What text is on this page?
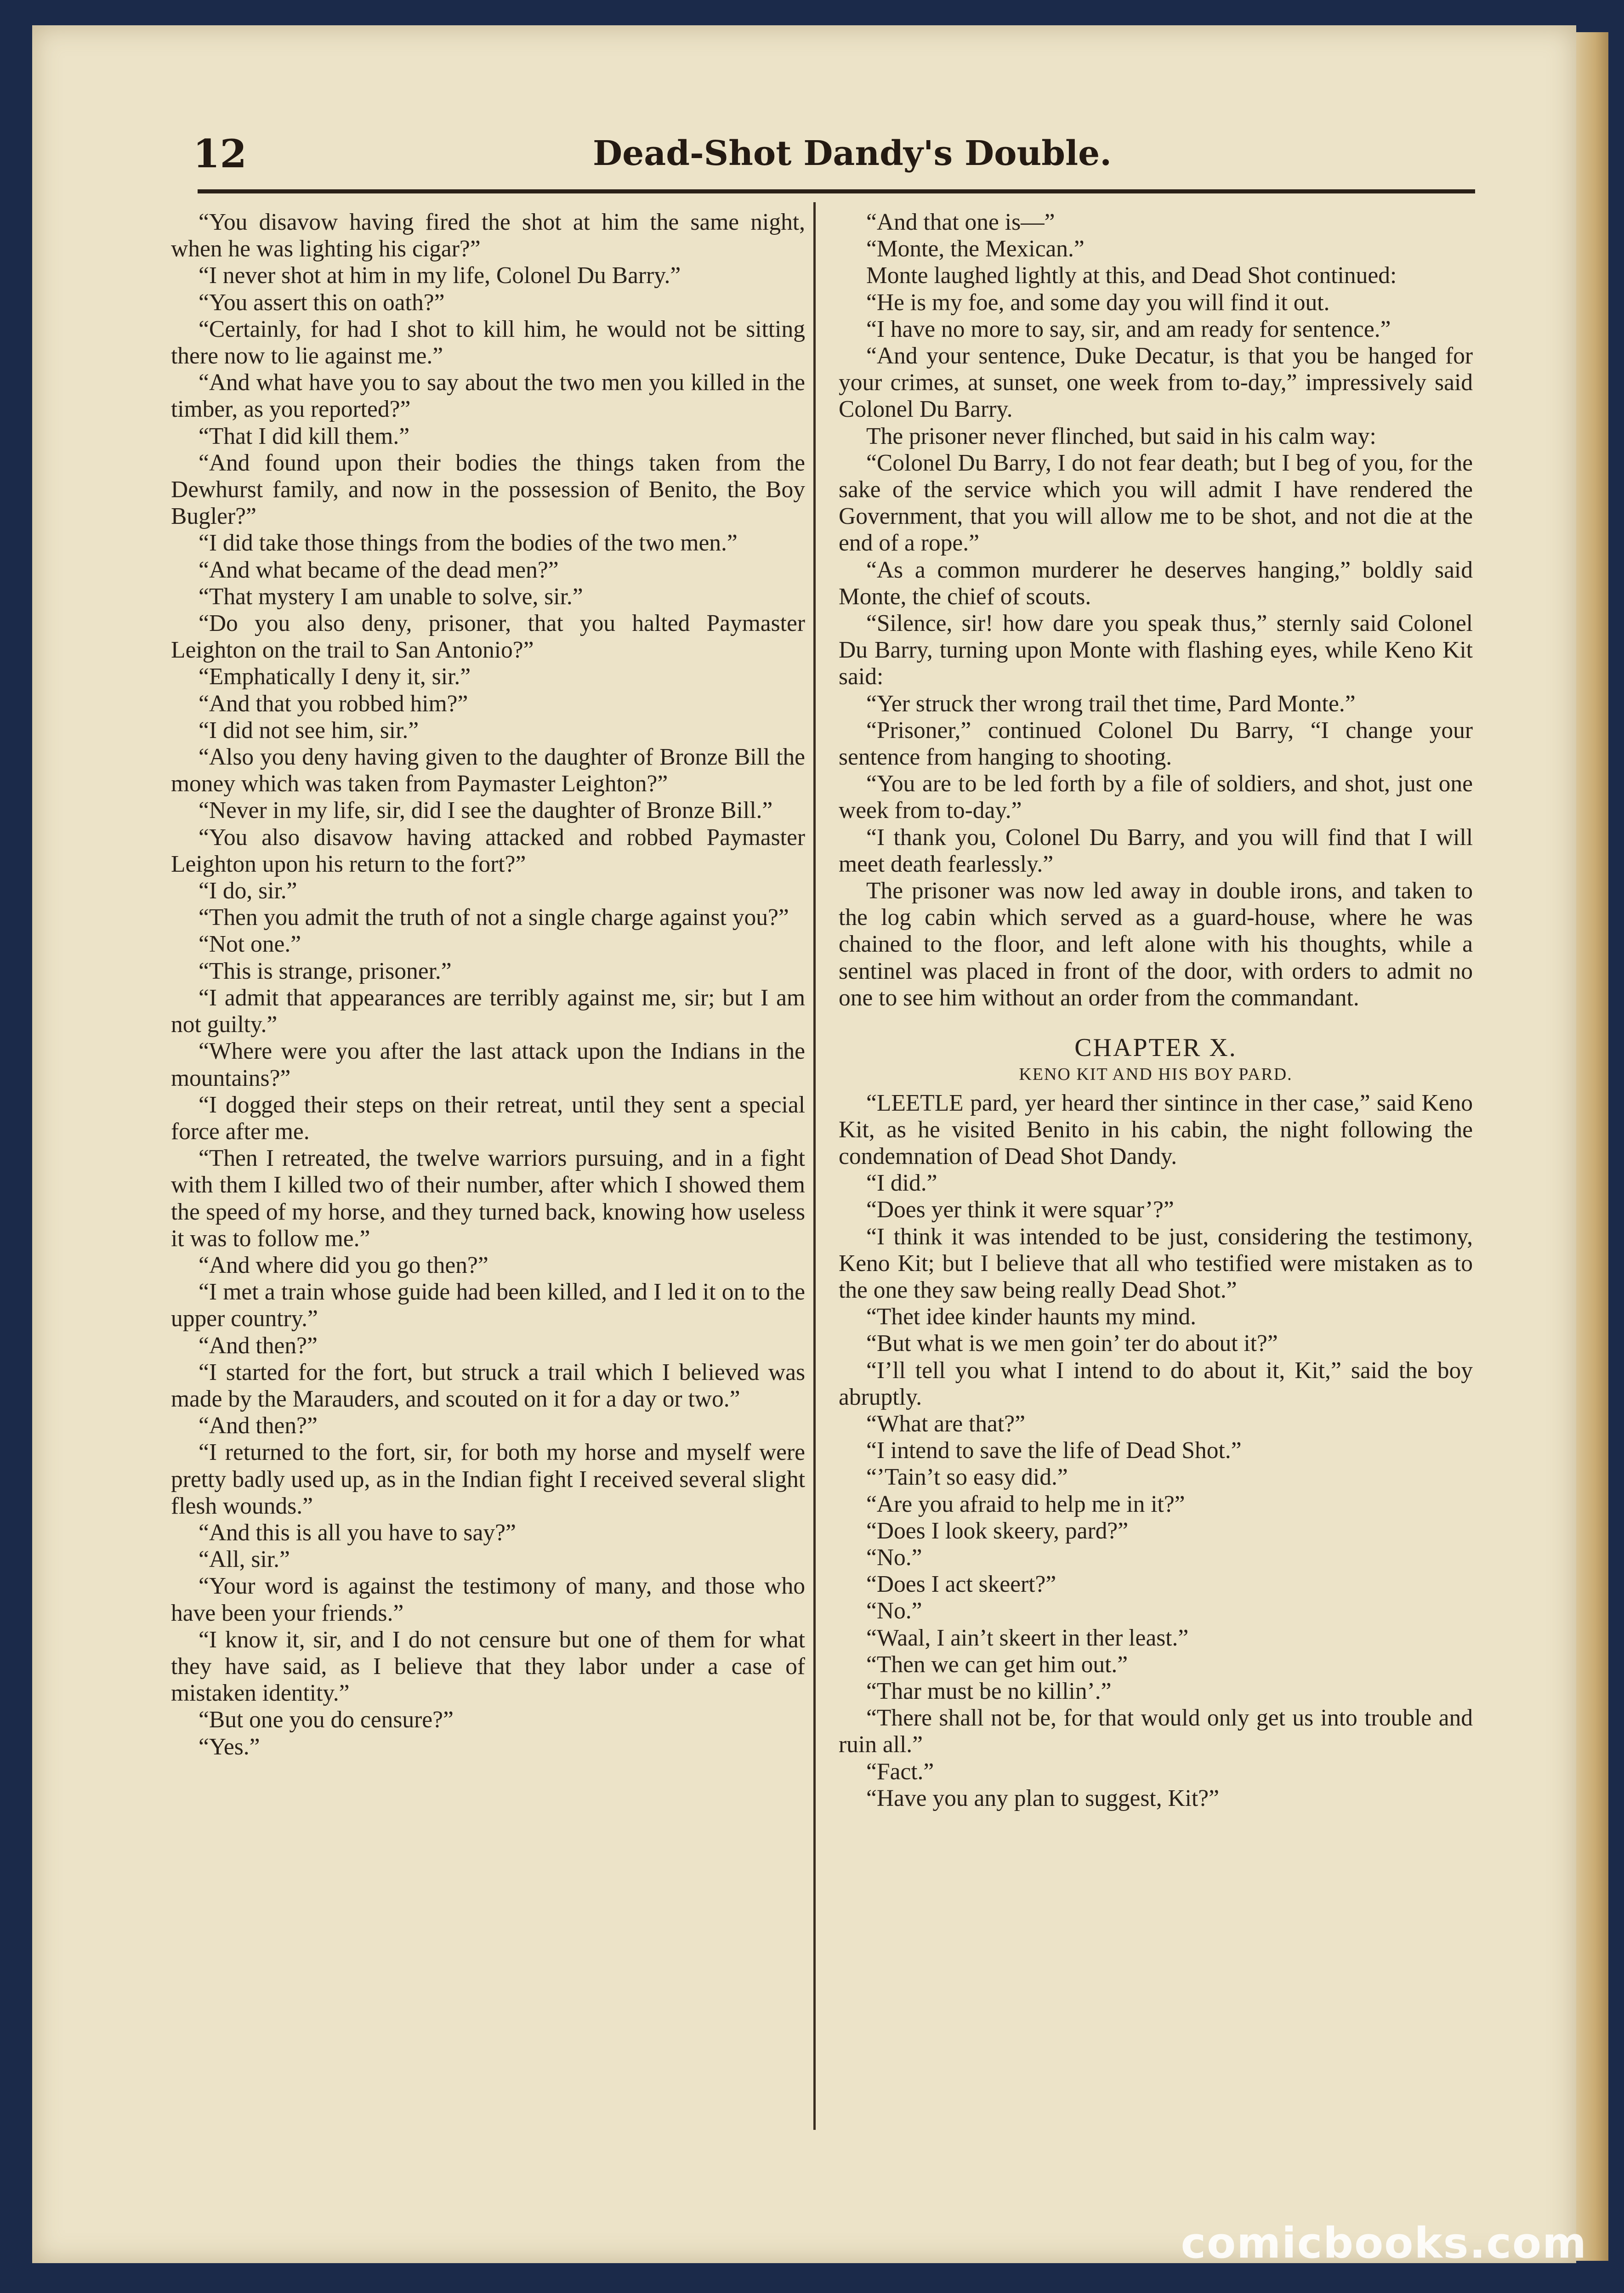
12	Dead-Shot Dandy's Double.

“You disavow having fired the shot at him the same night, when he was lighting his cigar?”

“I never shot at him in my life, Colonel Du Barry.”

“You assert this on oath?”

“Certainly, for had I shot to kill him, he would not be sitting there now to lie against me.”

“And what have you to say about the two men you killed in the timber, as you reported?”

“That I did kill them.”

“And found upon their bodies the things taken from the Dewhurst family, and now in the possession of Benito, the Boy Bugler?”

“I did take those things from the bodies of the two men.”

“And what became of the dead men?”

“That mystery I am unable to solve, sir.”

“Do you also deny, prisoner, that you halted Paymaster Leighton on the trail to San Antonio?”

“Emphatically I deny it, sir.”

“And that you robbed him?”

“I did not see him, sir.”

“Also you deny having given to the daughter of Bronze Bill the money which was taken from Paymaster Leighton?”

“Never in my life, sir, did I see the daughter of Bronze Bill.”

“You also disavow having attacked and robbed Paymaster Leighton upon his return to the fort?”

“I do, sir.”

“Then you admit the truth of not a single charge against you?”

“Not one.”

“This is strange, prisoner.”

“I admit that appearances are terribly against me, sir; but I am not guilty.”

“Where were you after the last attack upon the Indians in the mountains?”

“I dogged their steps on their retreat, until they sent a special force after me.

“Then I retreated, the twelve warriors pursuing, and in a fight with them I killed two of their number, after which I showed them the speed of my horse, and they turned back, knowing how useless it was to follow me.”

“And where did you go then?”

“I met a train whose guide had been killed, and I led it on to the upper country.”

“And then?”

“I started for the fort, but struck a trail which I believed was made by the Marauders, and scouted on it for a day or two.”

“And then?”

“I returned to the fort, sir, for both my horse and myself were pretty badly used up, as in the Indian fight I received several slight flesh wounds.”

“And this is all you have to say?”

“All, sir.”

“Your word is against the testimony of many, and those who have been your friends.”

“I know it, sir, and I do not censure but one of them for what they have said, as I believe that they labor under a case of mistaken identity.”

“But one you do censure?”

“Yes.”

“And that one is—”

“Monte, the Mexican.”

Monte laughed lightly at this, and Dead Shot continued:

“He is my foe, and some day you will find it out.

“I have no more to say, sir, and am ready for sentence.”

“And your sentence, Duke Decatur, is that you be hanged for your crimes, at sunset, one week from to-day,” impressively said Colonel Du Barry.

The prisoner never flinched, but said in his calm way:

“Colonel Du Barry, I do not fear death; but I beg of you, for the sake of the service which you will admit I have rendered the Government, that you will allow me to be shot, and not die at the end of a rope.”

“As a common murderer he deserves hanging,” boldly said Monte, the chief of scouts.

“Silence, sir! how dare you speak thus,” sternly said Colonel Du Barry, turning upon Monte with flashing eyes, while Keno Kit said:

“Yer struck ther wrong trail thet time, Pard Monte.”

“Prisoner,” continued Colonel Du Barry, “I change your sentence from hanging to shooting.

“You are to be led forth by a file of soldiers, and shot, just one week from to-day.”

“I thank you, Colonel Du Barry, and you will find that I will meet death fearlessly.”

The prisoner was now led away in double irons, and taken to the log cabin which served as a guard-house, where he was chained to the floor, and left alone with his thoughts, while a sentinel was placed in front of the door, with orders to admit no one to see him without an order from the commandant.

CHAPTER X.

KENO KIT AND HIS BOY PARD.

“LEETLE pard, yer heard ther sintince in ther case,” said Keno Kit, as he visited Benito in his cabin, the night following the condemnation of Dead Shot Dandy.

“I did.”

“Does yer think it were squar’?”

“I think it was intended to be just, considering the testimony, Keno Kit; but I believe that all who testified were mistaken as to the one they saw being really Dead Shot.”

“Thet idee kinder haunts my mind.

“But what is we men goin’ ter do about it?”

“I’ll tell you what I intend to do about it, Kit,” said the boy abruptly.

“What are that?”

“I intend to save the life of Dead Shot.”

“’Tain’t so easy did.”

“Are you afraid to help me in it?”

“Does I look skeery, pard?”

“No.”

“Does I act skeert?”

“No.”

“Waal, I ain’t skeert in ther least.”

“Then we can get him out.”

“Thar must be no killin’.”

“There shall not be, for that would only get us into trouble and ruin all.”

“Fact.”

“Have you any plan to suggest, Kit?”

comicbooks.com
